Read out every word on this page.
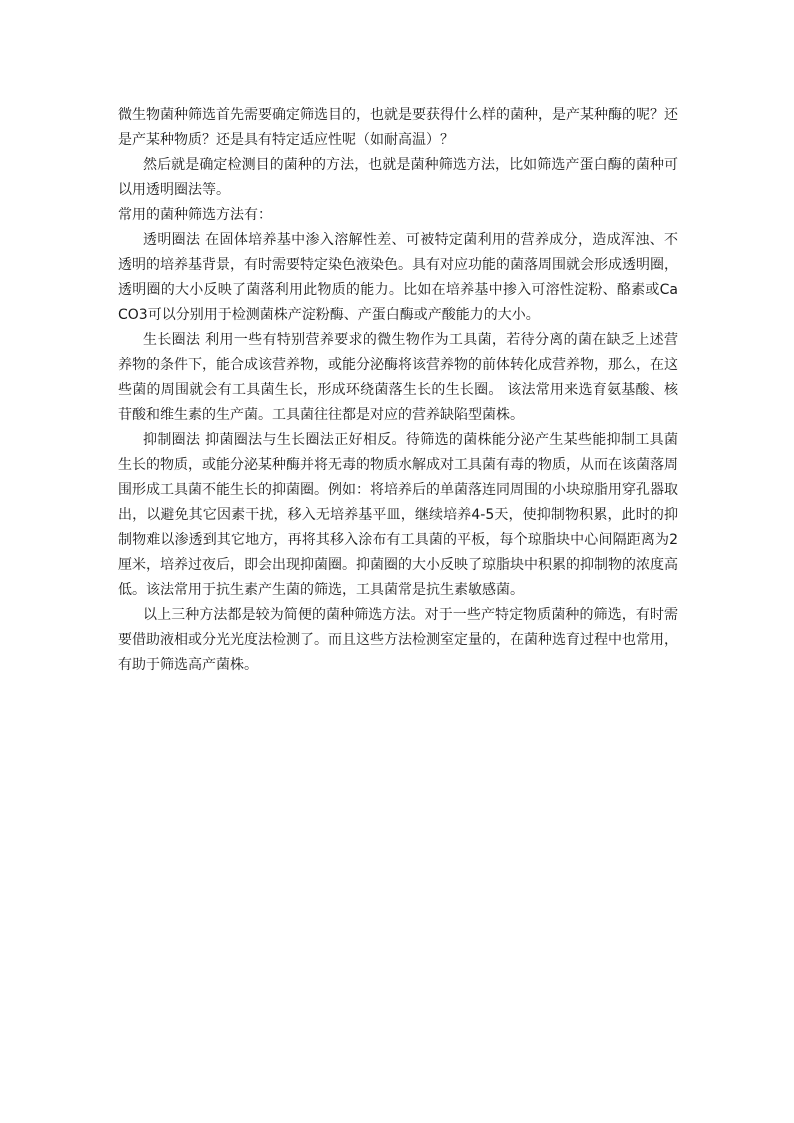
微生物菌种筛选首先需要确定筛选目的，也就是要获得什么样的菌种，是产某种酶的呢？还是产某种物质？还是具有特定适应性呢（如耐高温）？

然后就是确定检测目的菌种的方法，也就是菌种筛选方法，比如筛选产蛋白酶的菌种可以用透明圈法等。

常用的菌种筛选方法有：

透明圈法 在固体培养基中渗入溶解性差、可被特定菌利用的营养成分，造成浑浊、不透明的培养基背景，有时需要特定染色液染色。具有对应功能的菌落周围就会形成透明圈，透明圈的大小反映了菌落利用此物质的能力。比如在培养基中掺入可溶性淀粉、酪素或CaCO3可以分别用于检测菌株产淀粉酶、产蛋白酶或产酸能力的大小。

生长圈法 利用一些有特别营养要求的微生物作为工具菌，若待分离的菌在缺乏上述营养物的条件下，能合成该营养物，或能分泌酶将该营养物的前体转化成营养物，那么，在这些菌的周围就会有工具菌生长，形成环绕菌落生长的生长圈。 该法常用来选育氨基酸、核苷酸和维生素的生产菌。工具菌往往都是对应的营养缺陷型菌株。

抑制圈法 抑菌圈法与生长圈法正好相反。待筛选的菌株能分泌产生某些能抑制工具菌生长的物质，或能分泌某种酶并将无毒的物质水解成对工具菌有毒的物质，从而在该菌落周围形成工具菌不能生长的抑菌圈。例如：将培养后的单菌落连同周围的小块琼脂用穿孔器取出，以避免其它因素干扰，移入无培养基平皿，继续培养4-5天，使抑制物积累，此时的抑制物难以渗透到其它地方，再将其移入涂布有工具菌的平板，每个琼脂块中心间隔距离为2厘米，培养过夜后，即会出现抑菌圈。抑菌圈的大小反映了琼脂块中积累的抑制物的浓度高低。该法常用于抗生素产生菌的筛选，工具菌常是抗生素敏感菌。

以上三种方法都是较为简便的菌种筛选方法。对于一些产特定物质菌种的筛选，有时需要借助液相或分光光度法检测了。而且这些方法检测室定量的，在菌种选育过程中也常用，有助于筛选高产菌株。
